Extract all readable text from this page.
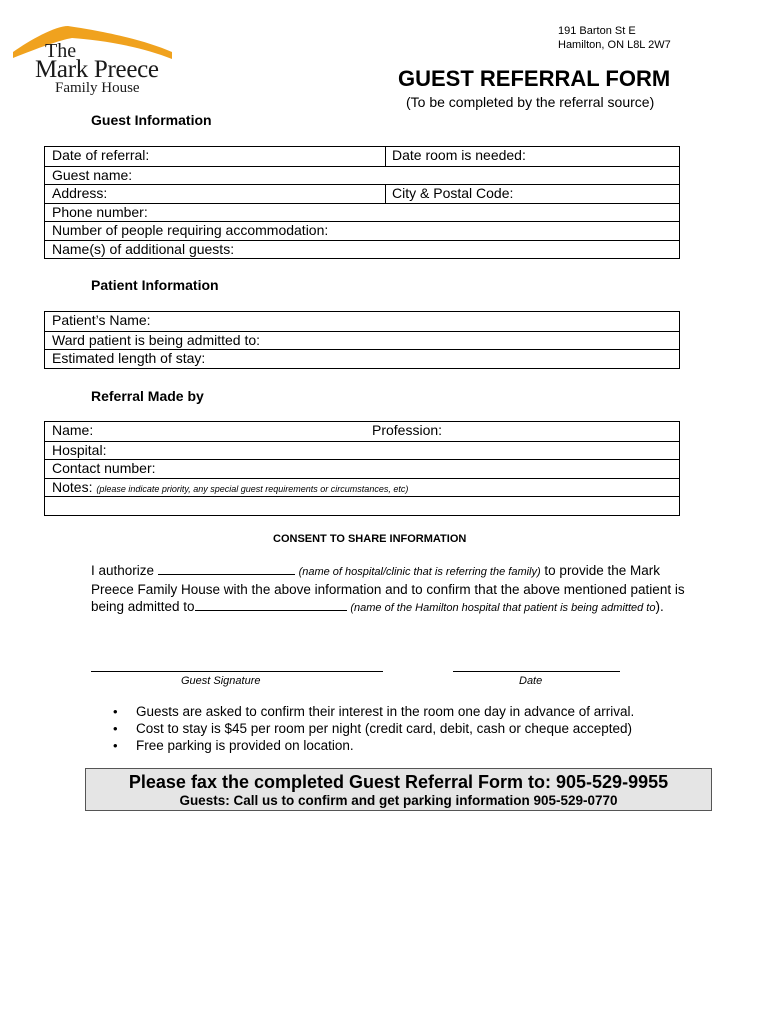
The
Mark Preece
Family House
191 Barton St E
Hamilton, ON L8L 2W7
GUEST REFERRAL FORM
(To be completed by the referral source)
Guest Information
Date of referral:	Date room is needed:
Guest name:
Address:	City & Postal Code:
Phone number:
Number of people requiring accommodation:
Name(s) of additional guests:
Patient Information
Patient’s Name:
Ward patient is being admitted to:
Estimated length of stay:
Referral Made by
Name:	Profession:
Hospital:
Contact number:
Notes: (please indicate priority, any special guest requirements or circumstances, etc)
CONSENT TO SHARE INFORMATION
I authorize	(name of hospital/clinic that is referring the family) to provide the Mark Preece Family House with the above information and to confirm that the above mentioned patient is being admitted to	(name of the Hamilton hospital that patient is being admitted to).
Guest Signature	Date
• Guests are asked to confirm their interest in the room one day in advance of arrival.
• Cost to stay is $45 per room per night (credit card, debit, cash or cheque accepted)
• Free parking is provided on location.
Please fax the completed Guest Referral Form to: 905-529-9955
Guests: Call us to confirm and get parking information 905-529-0770
